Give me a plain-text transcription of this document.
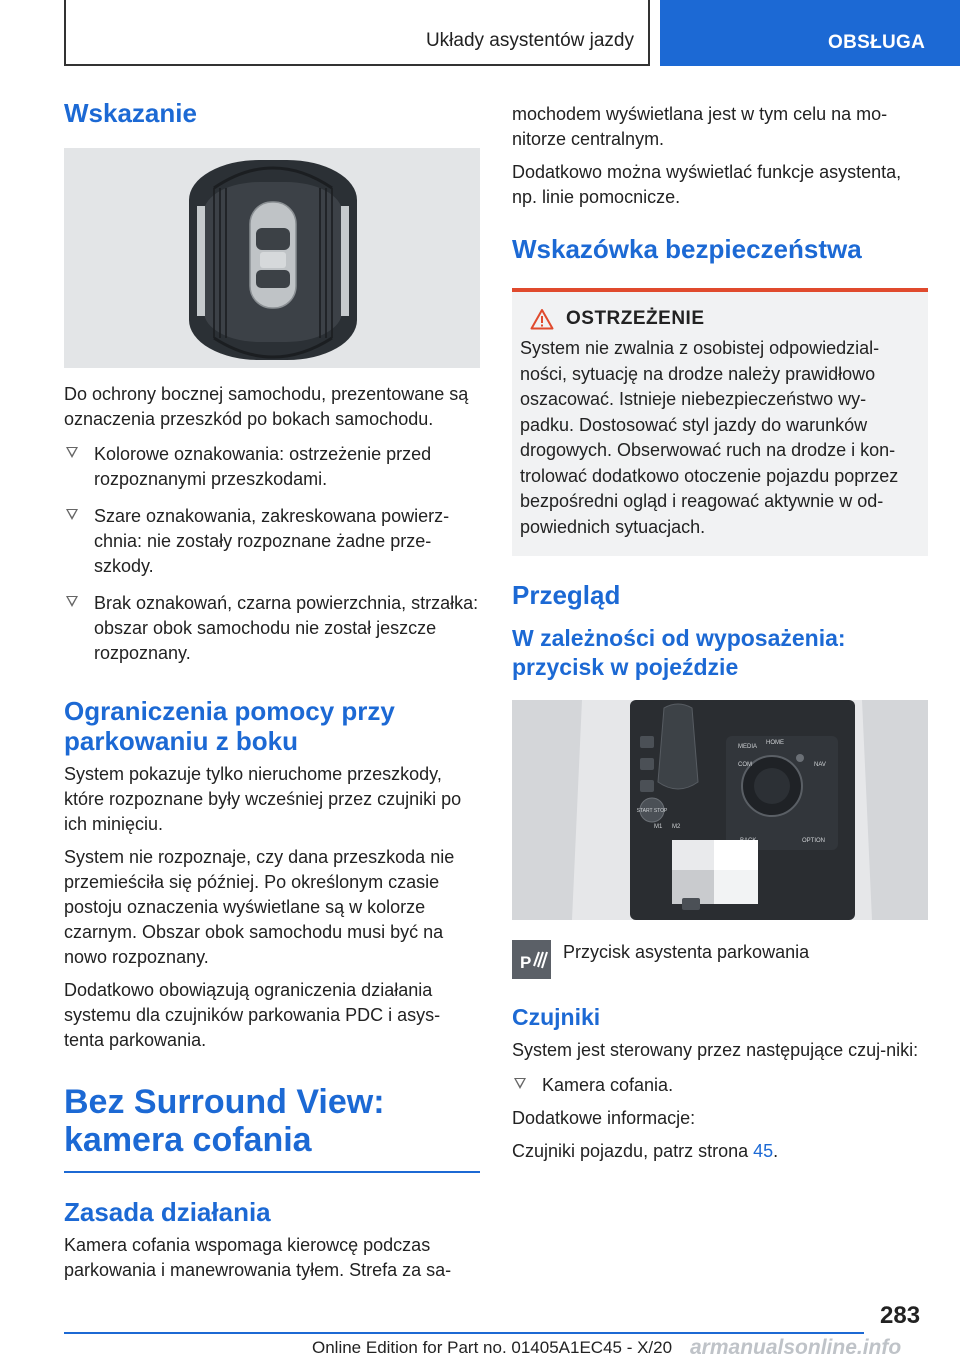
Układy asystentów jazdy	OBSŁUGA
Wskazanie
Do ochrony bocznej samochodu, prezentowane są oznaczenia przeszkód po bokach samochodu.
Kolorowe oznakowania: ostrzeżenie przed rozpoznanymi przeszkodami.
Szare oznakowania, zakreskowana powierz-chnia: nie zostały rozpoznane żadne prze-szkody.
Brak oznakowań, czarna powierzchnia, strzałka: obszar obok samochodu nie został jeszcze rozpoznany.
Ograniczenia pomocy przy parkowaniu z boku
System pokazuje tylko nieruchome przeszkody, które rozpoznane były wcześniej przez czujniki po ich minięciu.
System nie rozpoznaje, czy dana przeszkoda nie przemieściła się później. Po określonym czasie postoju oznaczenia wyświetlane są w kolorze czarnym. Obszar obok samochodu musi być na nowo rozpoznany.
Dodatkowo obowiązują ograniczenia działania systemu dla czujników parkowania PDC i asys-tenta parkowania.
Bez Surround View: kamera cofania
Zasada działania
Kamera cofania wspomaga kierowcę podczas parkowania i manewrowania tyłem. Strefa za sa-
mochodem wyświetlana jest w tym celu na mo-nitorze centralnym.
Dodatkowo można wyświetlać funkcje asystenta, np. linie pomocnicze.
Wskazówka bezpieczeństwa
OSTRZEŻENIE
System nie zwalnia z osobistej odpowiedzial-ności, sytuację na drodze należy prawidłowo oszacować. Istnieje niebezpieczeństwo wy-padku. Dostosować styl jazdy do warunków drogowych. Obserwować ruch na drodze i kon-trolować dodatkowo otoczenie pojazdu poprzez bezpośredni ogląd i reagować aktywnie w od-powiednich sytuacjach.
Przegląd
W zależności od wyposażenia: przycisk w pojeździe
START STOP
M1 M2
MEDIA
HOME
COM	NAV
OPTION
P
Przycisk asystenta parkowania
Czujniki
System jest sterowany przez następujące czuj-niki:
Kamera cofania.
Dodatkowe informacje:
Czujniki pojazdu, patrz strona 45.
283
Online Edition for Part no. 01405A1EC45 - X/20 armanualsonline.info
